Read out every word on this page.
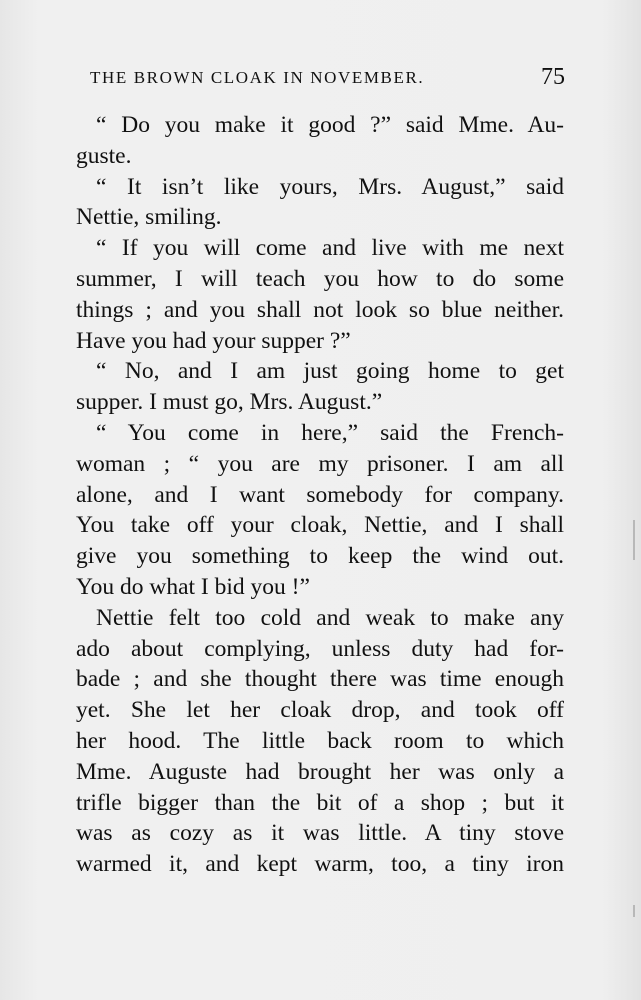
THE BROWN CLOAK IN NOVEMBER.	75
“ Do you make it good ?” said Mme. Au-
guste.
“ It isn’t like yours, Mrs. August,” said
Nettie, smiling.
“ If you will come and live with me next
summer, I will teach you how to do some
things ; and you shall not look so blue neither.
Have you had your supper ?”
“ No, and I am just going home to get
supper. I must go, Mrs. August.”
“ You come in here,” said the French-
woman ; “ you are my prisoner. I am all
alone, and I want somebody for company.
You take off your cloak, Nettie, and I shall
give you something to keep the wind out.
You do what I bid you !”
Nettie felt too cold and weak to make any
ado about complying, unless duty had for-
bade ; and she thought there was time enough
yet. She let her cloak drop, and took off
her hood. The little back room to which
Mme. Auguste had brought her was only a
trifle bigger than the bit of a shop ; but it
was as cozy as it was little. A tiny stove
warmed it, and kept warm, too, a tiny iron
